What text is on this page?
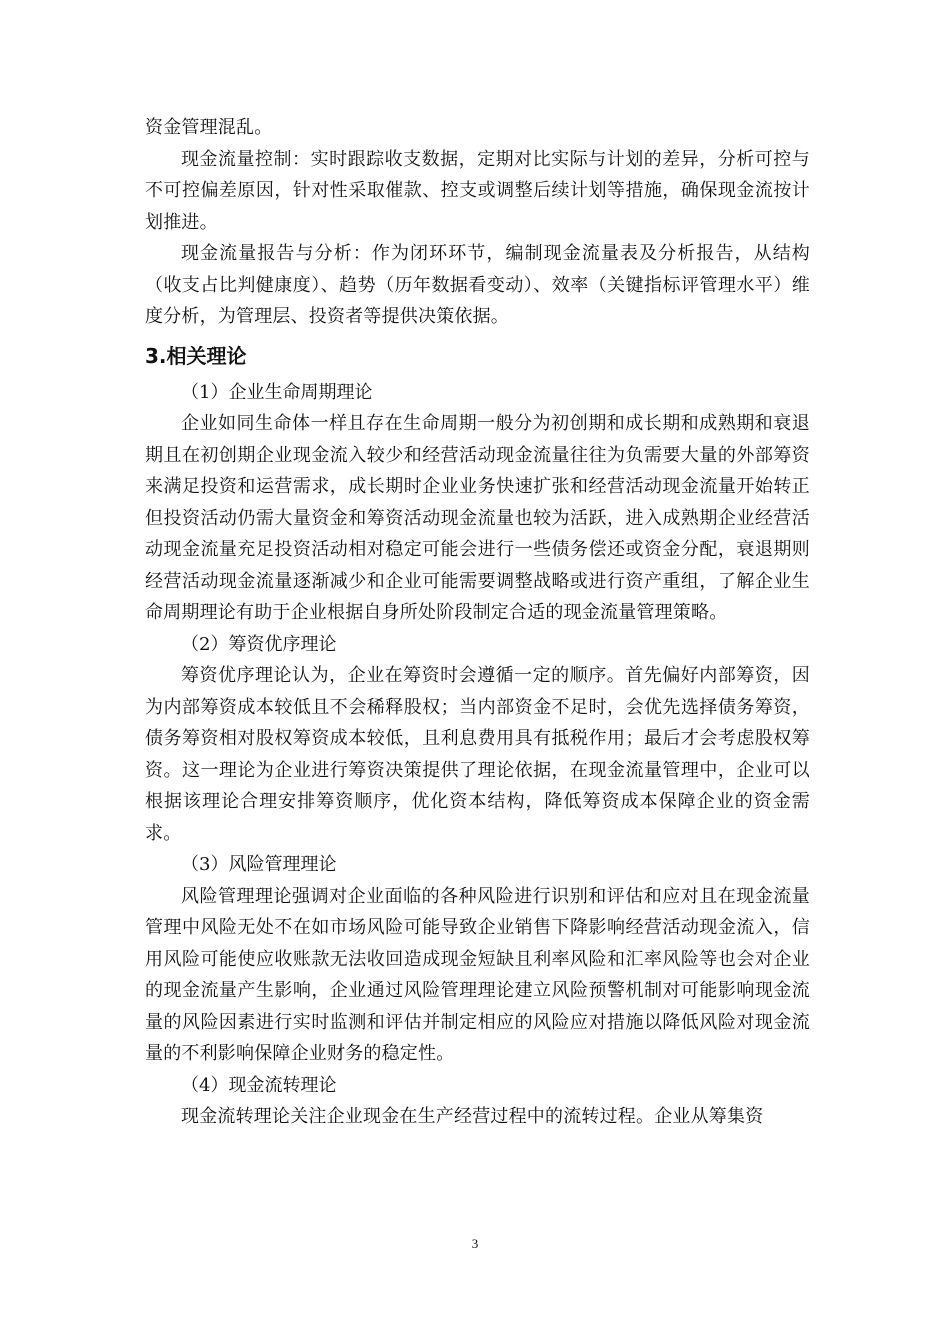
资金管理混乱。

现金流量控制：实时跟踪收支数据，定期对比实际与计划的差异，分析可控与不可控偏差原因，针对性采取催款、控支或调整后续计划等措施，确保现金流按计划推进。

现金流量报告与分析：作为闭环环节，编制现金流量表及分析报告，从结构（收支占比判健康度）、趋势（历年数据看变动）、效率（关键指标评管理水平）维度分析，为管理层、投资者等提供决策依据。

3.相关理论

（1）企业生命周期理论

企业如同生命体一样且存在生命周期一般分为初创期和成长期和成熟期和衰退期且在初创期企业现金流入较少和经营活动现金流量往往为负需要大量的外部筹资来满足投资和运营需求，成长期时企业业务快速扩张和经营活动现金流量开始转正但投资活动仍需大量资金和筹资活动现金流量也较为活跃，进入成熟期企业经营活动现金流量充足投资活动相对稳定可能会进行一些债务偿还或资金分配，衰退期则经营活动现金流量逐渐减少和企业可能需要调整战略或进行资产重组，了解企业生命周期理论有助于企业根据自身所处阶段制定合适的现金流量管理策略。

（2）筹资优序理论

筹资优序理论认为，企业在筹资时会遵循一定的顺序。首先偏好内部筹资，因为内部筹资成本较低且不会稀释股权；当内部资金不足时，会优先选择债务筹资，债务筹资相对股权筹资成本较低，且利息费用具有抵税作用；最后才会考虑股权筹资。这一理论为企业进行筹资决策提供了理论依据，在现金流量管理中，企业可以根据该理论合理安排筹资顺序，优化资本结构，降低筹资成本保障企业的资金需求。

（3）风险管理理论

风险管理理论强调对企业面临的各种风险进行识别和评估和应对且在现金流量管理中风险无处不在如市场风险可能导致企业销售下降影响经营活动现金流入，信用风险可能使应收账款无法收回造成现金短缺且利率风险和汇率风险等也会对企业的现金流量产生影响，企业通过风险管理理论建立风险预警机制对可能影响现金流量的风险因素进行实时监测和评估并制定相应的风险应对措施以降低风险对现金流量的不利影响保障企业财务的稳定性。

（4）现金流转理论

现金流转理论关注企业现金在生产经营过程中的流转过程。企业从筹集资

3
